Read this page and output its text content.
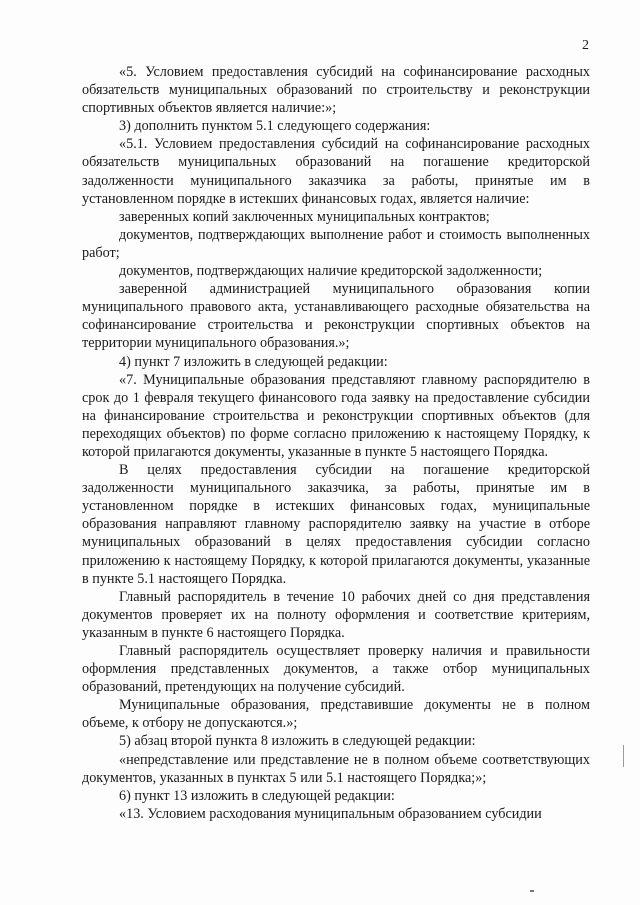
2

«5. Условием предоставления субсидий на софинансирование расходных обязательств муниципальных образований по строительству и реконструкции спортивных объектов является наличие:»;

3) дополнить пунктом 5.1 следующего содержания:

«5.1. Условием предоставления субсидий на софинансирование расходных обязательств муниципальных образований на погашение кредиторской задолженности муниципального заказчика за работы, принятые им в установленном порядке в истекших финансовых годах, является наличие:

заверенных копий заключенных муниципальных контрактов;

документов, подтверждающих выполнение работ и стоимость выполненных работ;

документов, подтверждающих наличие кредиторской задолженности;

заверенной администрацией муниципального образования копии муниципального правового акта, устанавливающего расходные обязательства на софинансирование строительства и реконструкции спортивных объектов на территории муниципального образования.»;

4) пункт 7 изложить в следующей редакции:

«7. Муниципальные образования представляют главному распорядителю в срок до 1 февраля текущего финансового года заявку на предоставление субсидии на финансирование строительства и реконструкции спортивных объектов (для переходящих объектов) по форме согласно приложению к настоящему Порядку, к которой прилагаются документы, указанные в пункте 5 настоящего Порядка.

В целях предоставления субсидии на погашение кредиторской задолженности муниципального заказчика, за работы, принятые им в установленном порядке в истекших финансовых годах, муниципальные образования направляют главному распорядителю заявку на участие в отборе муниципальных образований в целях предоставления субсидии согласно приложению к настоящему Порядку, к которой прилагаются документы, указанные в пункте 5.1 настоящего Порядка.

Главный распорядитель в течение 10 рабочих дней со дня представления документов проверяет их на полноту оформления и соответствие критериям, указанным в пункте 6 настоящего Порядка.

Главный распорядитель осуществляет проверку наличия и правильности оформления представленных документов, а также отбор муниципальных образований, претендующих на получение субсидий.

Муниципальные образования, представившие документы не в полном объеме, к отбору не допускаются.»;

5) абзац второй пункта 8 изложить в следующей редакции:

«непредставление или представление не в полном объеме соответствующих документов, указанных в пунктах 5 или 5.1 настоящего Порядка;»;

6) пункт 13 изложить в следующей редакции:

«13. Условием расходования муниципальным образованием субсидии
